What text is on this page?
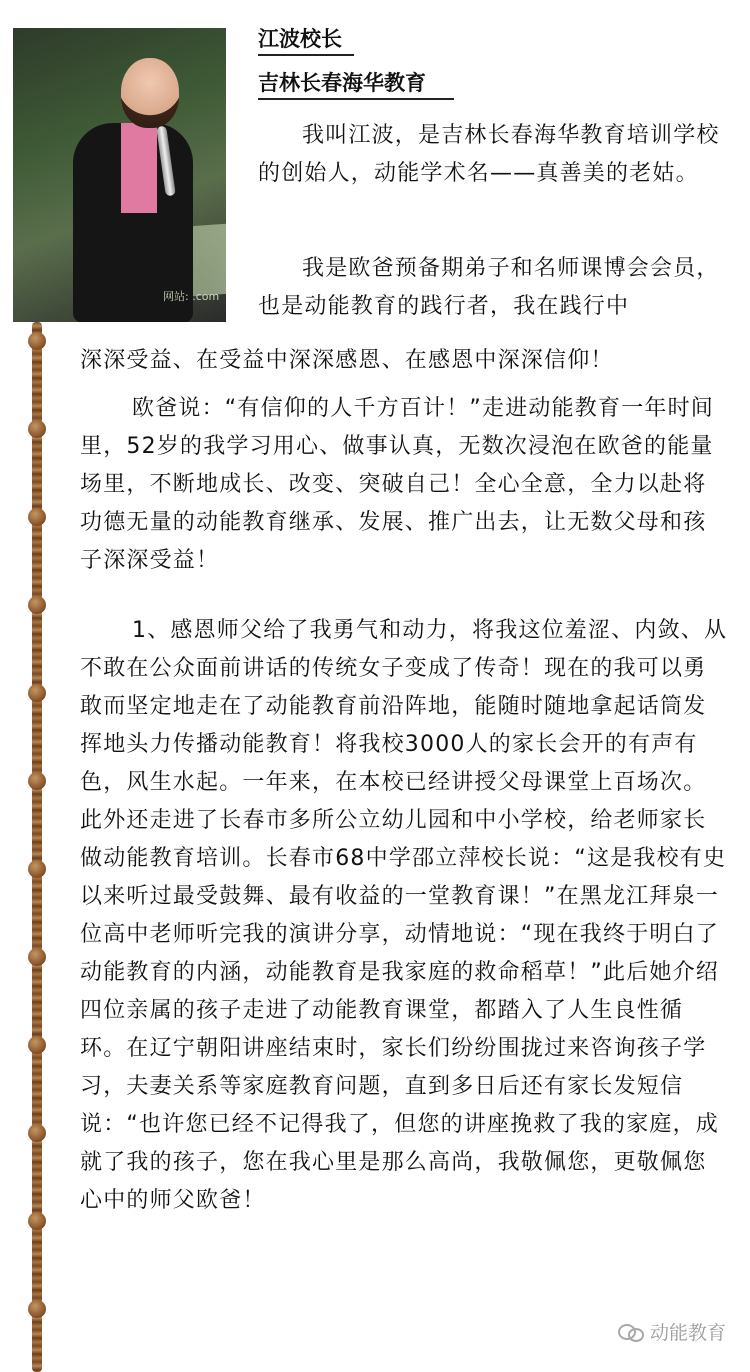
网站: .com
江波校长
吉林长春海华教育
我叫江波，是吉林长春海华教育培训学校的创始人，动能学术名——真善美的老姑。
我是欧爸预备期弟子和名师课博会会员，也是动能教育的践行者，我在践行中
深深受益、在受益中深深感恩、在感恩中深深信仰！
欧爸说：“有信仰的人千方百计！”走进动能教育一年时间里，52岁的我学习用心、做事认真，无数次浸泡在欧爸的能量场里，不断地成长、改变、突破自己！全心全意，全力以赴将功德无量的动能教育继承、发展、推广出去，让无数父母和孩子深深受益！
1、感恩师父给了我勇气和动力，将我这位羞涩、内敛、从不敢在公众面前讲话的传统女子变成了传奇！现在的我可以勇敢而坚定地走在了动能教育前沿阵地，能随时随地拿起话筒发挥地头力传播动能教育！将我校3000人的家长会开的有声有色，风生水起。一年来，在本校已经讲授父母课堂上百场次。此外还走进了长春市多所公立幼儿园和中小学校，给老师家长做动能教育培训。长春市68中学邵立萍校长说：“这是我校有史以来听过最受鼓舞、最有收益的一堂教育课！”在黑龙江拜泉一位高中老师听完我的演讲分享，动情地说：“现在我终于明白了动能教育的内涵，动能教育是我家庭的救命稻草！”此后她介绍四位亲属的孩子走进了动能教育课堂，都踏入了人生良性循环。在辽宁朝阳讲座结束时，家长们纷纷围拢过来咨询孩子学习，夫妻关系等家庭教育问题，直到多日后还有家长发短信说：“也许您已经不记得我了，但您的讲座挽救了我的家庭，成就了我的孩子，您在我心里是那么高尚，我敬佩您，更敬佩您心中的师父欧爸！
动能教育
